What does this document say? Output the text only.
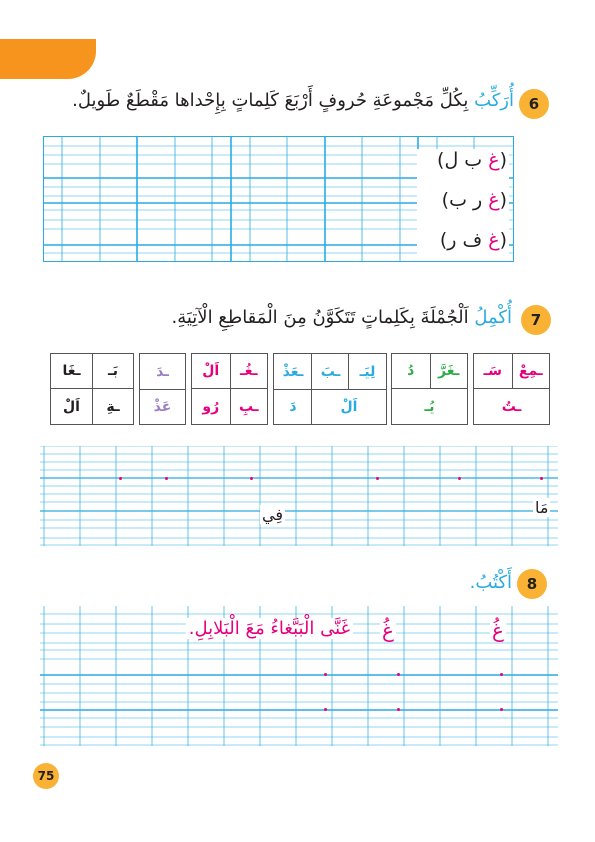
6
أُرَكِّبُ بِكُلِّ مَجْموعَةِ حُروفٍ أَرْبَعَ كَلِماتٍ بِإِحْداها مَقْطَعٌ طَويلٌ.
(غ ب ل)
(غ ر ب)
(غ ف ر)
7
أُكْمِلُ اَلْجُمْلَةَ بِكَلِماتٍ تَتَكَوَّنُ مِنَ الْمَقاطِعِ الْآتِيَةِ.
ـمِعْ
سَـ
ـتُ
ـغَرَّ
دُ
يُـ
لِيَـ
ـبَ
ـعَذْ
اَلْ
دَ
ـغُـ
اَلْ
ـبِ
رُو
ـدَ
عَذْ
بَـ
ـغَا
ـةِ
اَلْ
مَا
فِي
8
أَكْتُبُ.
غَنَّى الْبَبَّغاءُ مَعَ الْبَلابِلِ. غُ	غُ
75
